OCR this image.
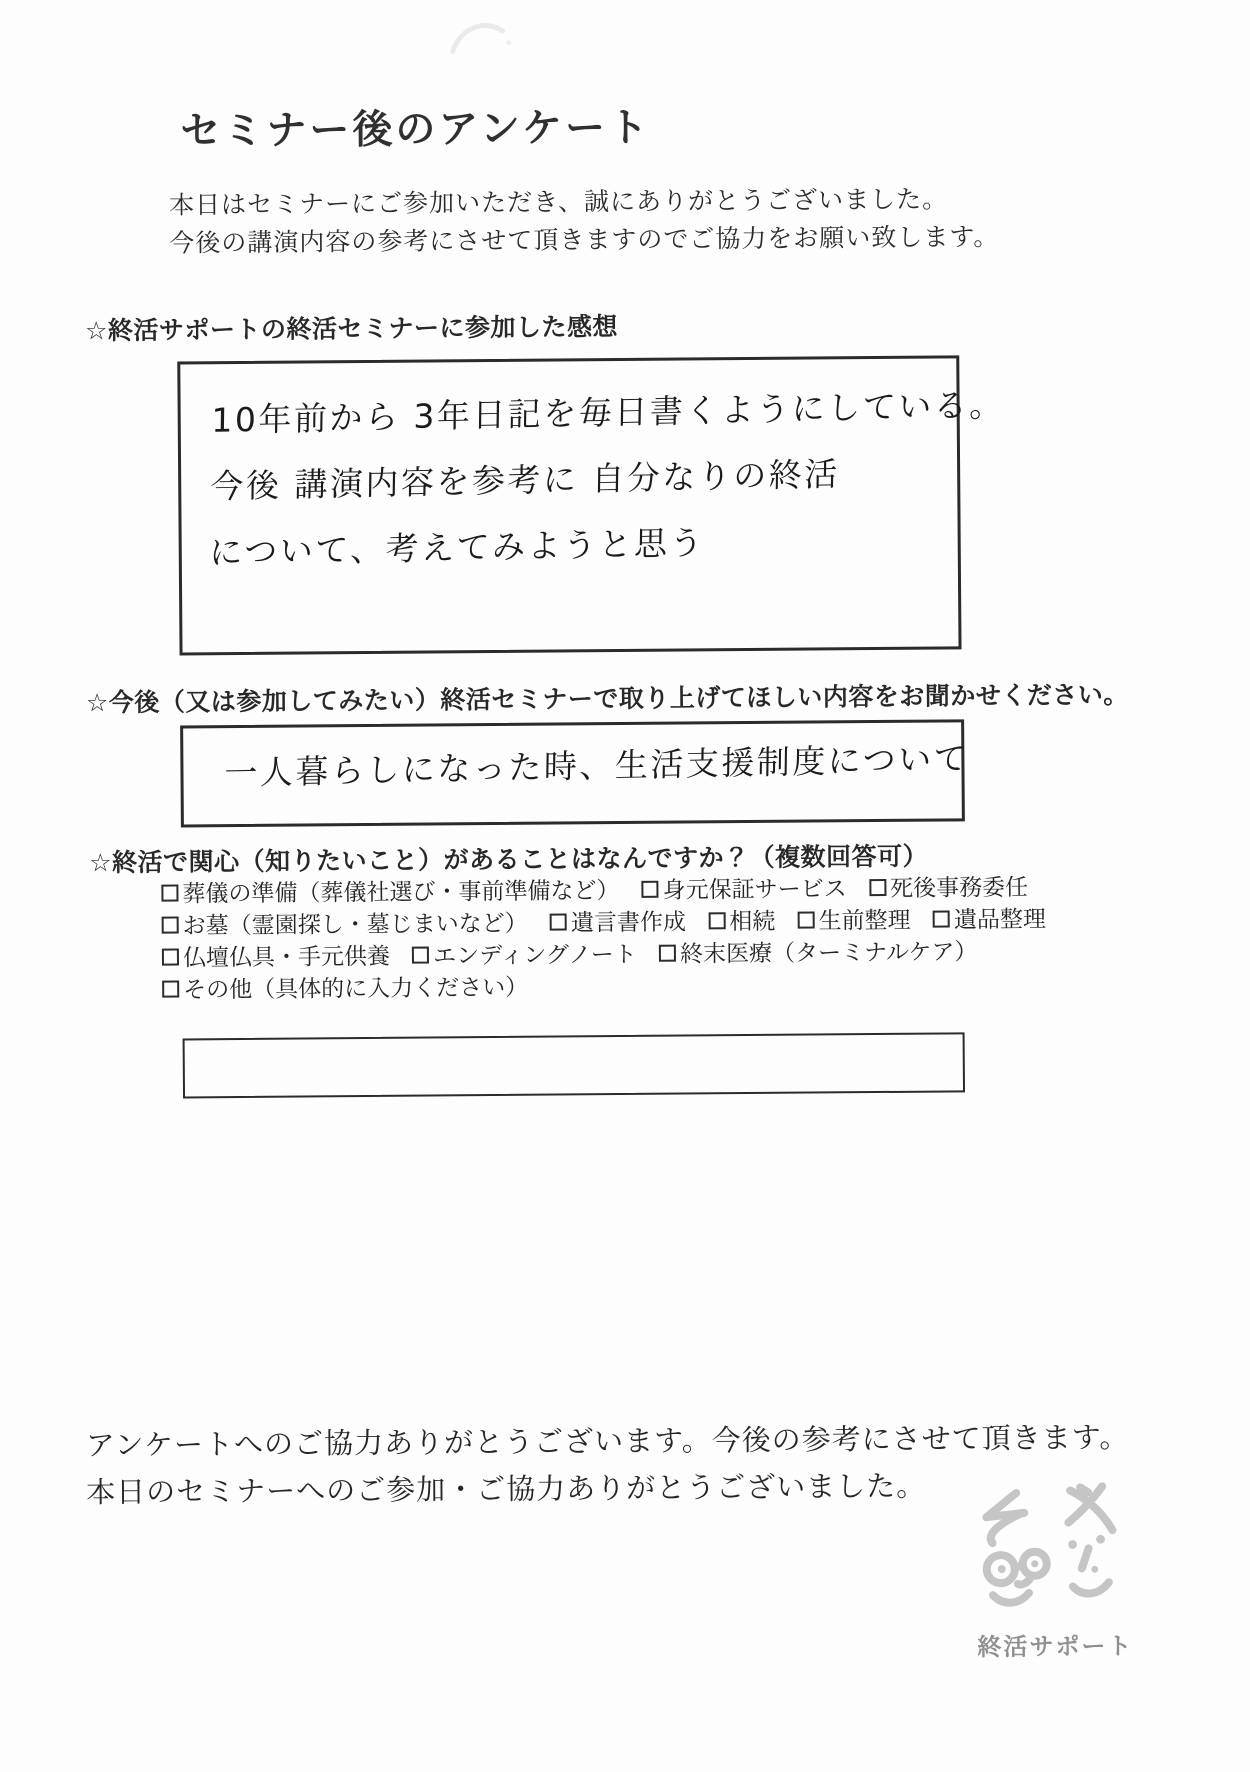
セミナー後のアンケート
本日はセミナーにご参加いただき、誠にありがとうございました。
今後の講演内容の参考にさせて頂きますのでご協力をお願い致します。
☆終活サポートの終活セミナーに参加した感想
10年前から 3年日記を毎日書くようにしている。
今後 講演内容を参考に 自分なりの終活
について、考えてみようと思う
☆今後（又は参加してみたい）終活セミナーで取り上げてほしい内容をお聞かせください。
一人暮らしになった時、生活支援制度について
☆終活で関心（知りたいこと）があることはなんですか？（複数回答可）
葬儀の準備（葬儀社選び・事前準備など）
身元保証サービス
死後事務委任
お墓（霊園探し・墓じまいなど）
遺言書作成
相続
生前整理
遺品整理
仏壇仏具・手元供養
エンディングノート
終末医療（ターミナルケア）
その他（具体的に入力ください）
アンケートへのご協力ありがとうございます。今後の参考にさせて頂きます。
本日のセミナーへのご参加・ご協力ありがとうございました。
終活サポート
